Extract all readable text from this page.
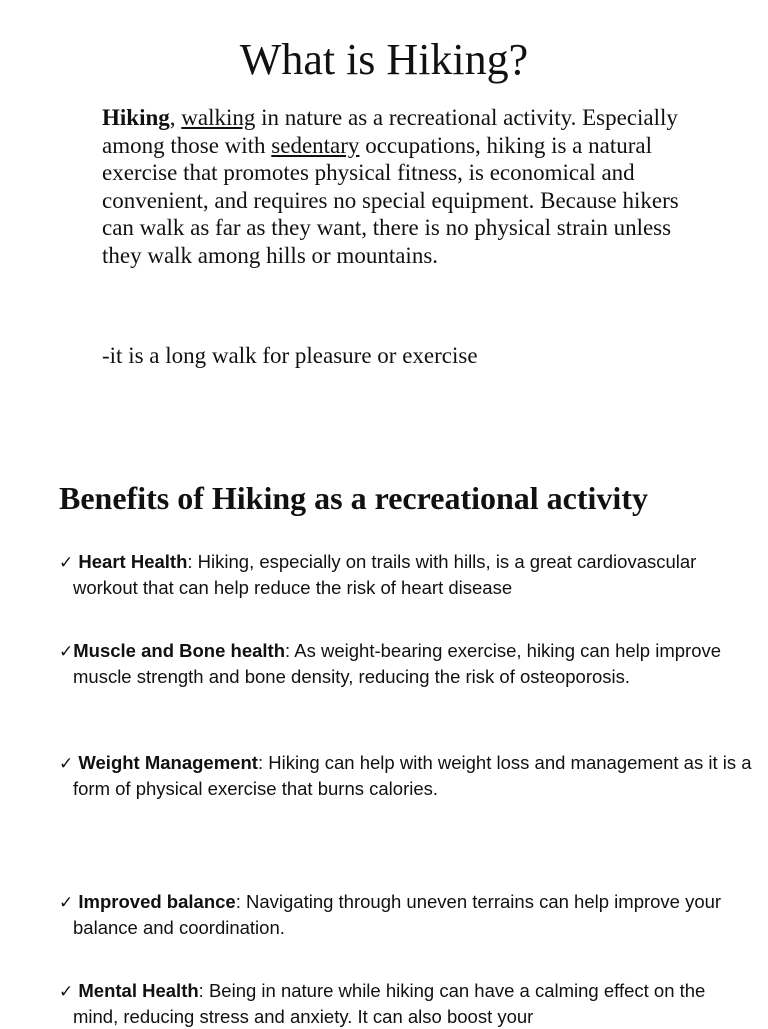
What is Hiking?
Hiking, walking in nature as a recreational activity. Especially among those with sedentary occupations, hiking is a natural exercise that promotes physical fitness, is economical and convenient, and requires no special equipment. Because hikers can walk as far as they want, there is no physical strain unless they walk among hills or mountains.
-it is a long walk for pleasure or exercise
Benefits of Hiking as a recreational activity
✓ Heart Health: Hiking, especially on trails with hills, is a great cardiovascular workout that can help reduce the risk of heart disease
✓Muscle and Bone health: As weight-bearing exercise, hiking can help improve muscle strength and bone density, reducing the risk of osteoporosis.
✓ Weight Management: Hiking can help with weight loss and management as it is a form of physical exercise that burns calories.
✓ Improved balance: Navigating through uneven terrains can help improve your balance and coordination.
✓ Mental Health: Being in nature while hiking can have a calming effect on the mind, reducing stress and anxiety. It can also boost your
